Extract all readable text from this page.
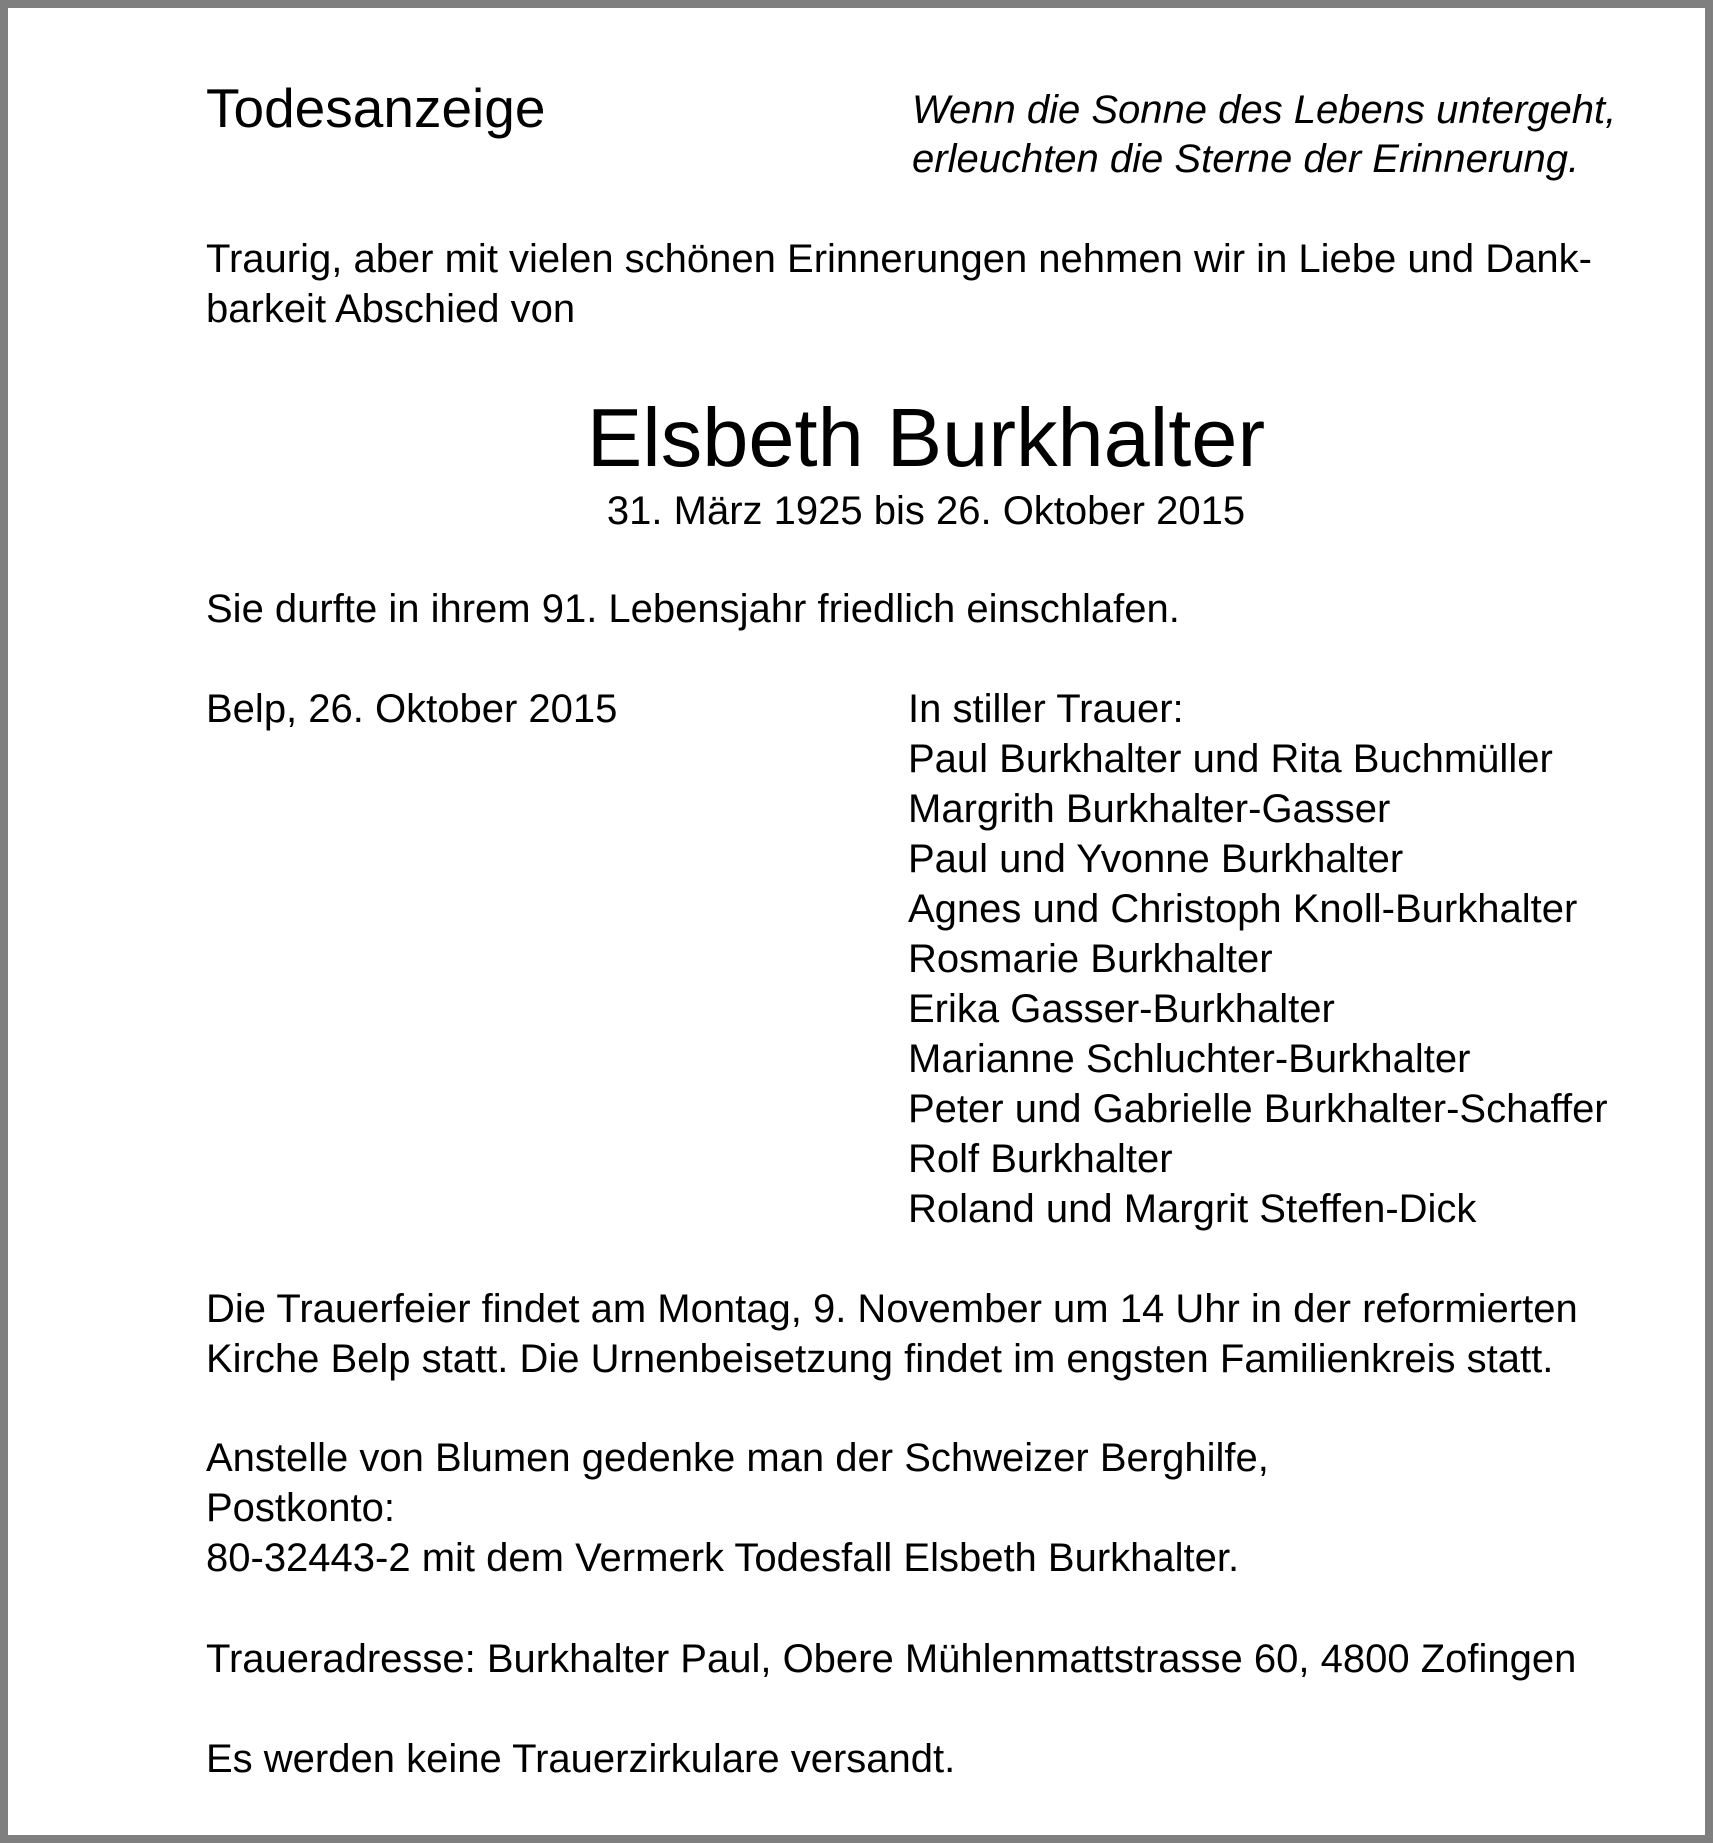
Todesanzeige	Wenn die Sonne des Lebens untergeht,
erleuchten die Sterne der Erinnerung.
Traurig, aber mit vielen schönen Erinnerungen nehmen wir in Liebe und Dank-
barkeit Abschied von
Elsbeth Burkhalter
31. März 1925 bis 26. Oktober 2015
Sie durfte in ihrem 91. Lebensjahr friedlich einschlafen.
Belp, 26. Oktober 2015	In stiller Trauer:
Paul Burkhalter und Rita Buchmüller
Margrith Burkhalter-Gasser
Paul und Yvonne Burkhalter
Agnes und Christoph Knoll-Burkhalter
Rosmarie Burkhalter
Erika Gasser-Burkhalter
Marianne Schluchter-Burkhalter
Peter und Gabrielle Burkhalter-Schaffer
Rolf Burkhalter
Roland und Margrit Steffen-Dick
Die Trauerfeier findet am Montag, 9. November um 14 Uhr in der reformierten
Kirche Belp statt. Die Urnenbeisetzung findet im engsten Familienkreis statt.
Anstelle von Blumen gedenke man der Schweizer Berghilfe,
Postkonto:
80-32443-2 mit dem Vermerk Todesfall Elsbeth Burkhalter.
Traueradresse: Burkhalter Paul, Obere Mühlenmattstrasse 60, 4800 Zofingen
Es werden keine Trauerzirkulare versandt.
